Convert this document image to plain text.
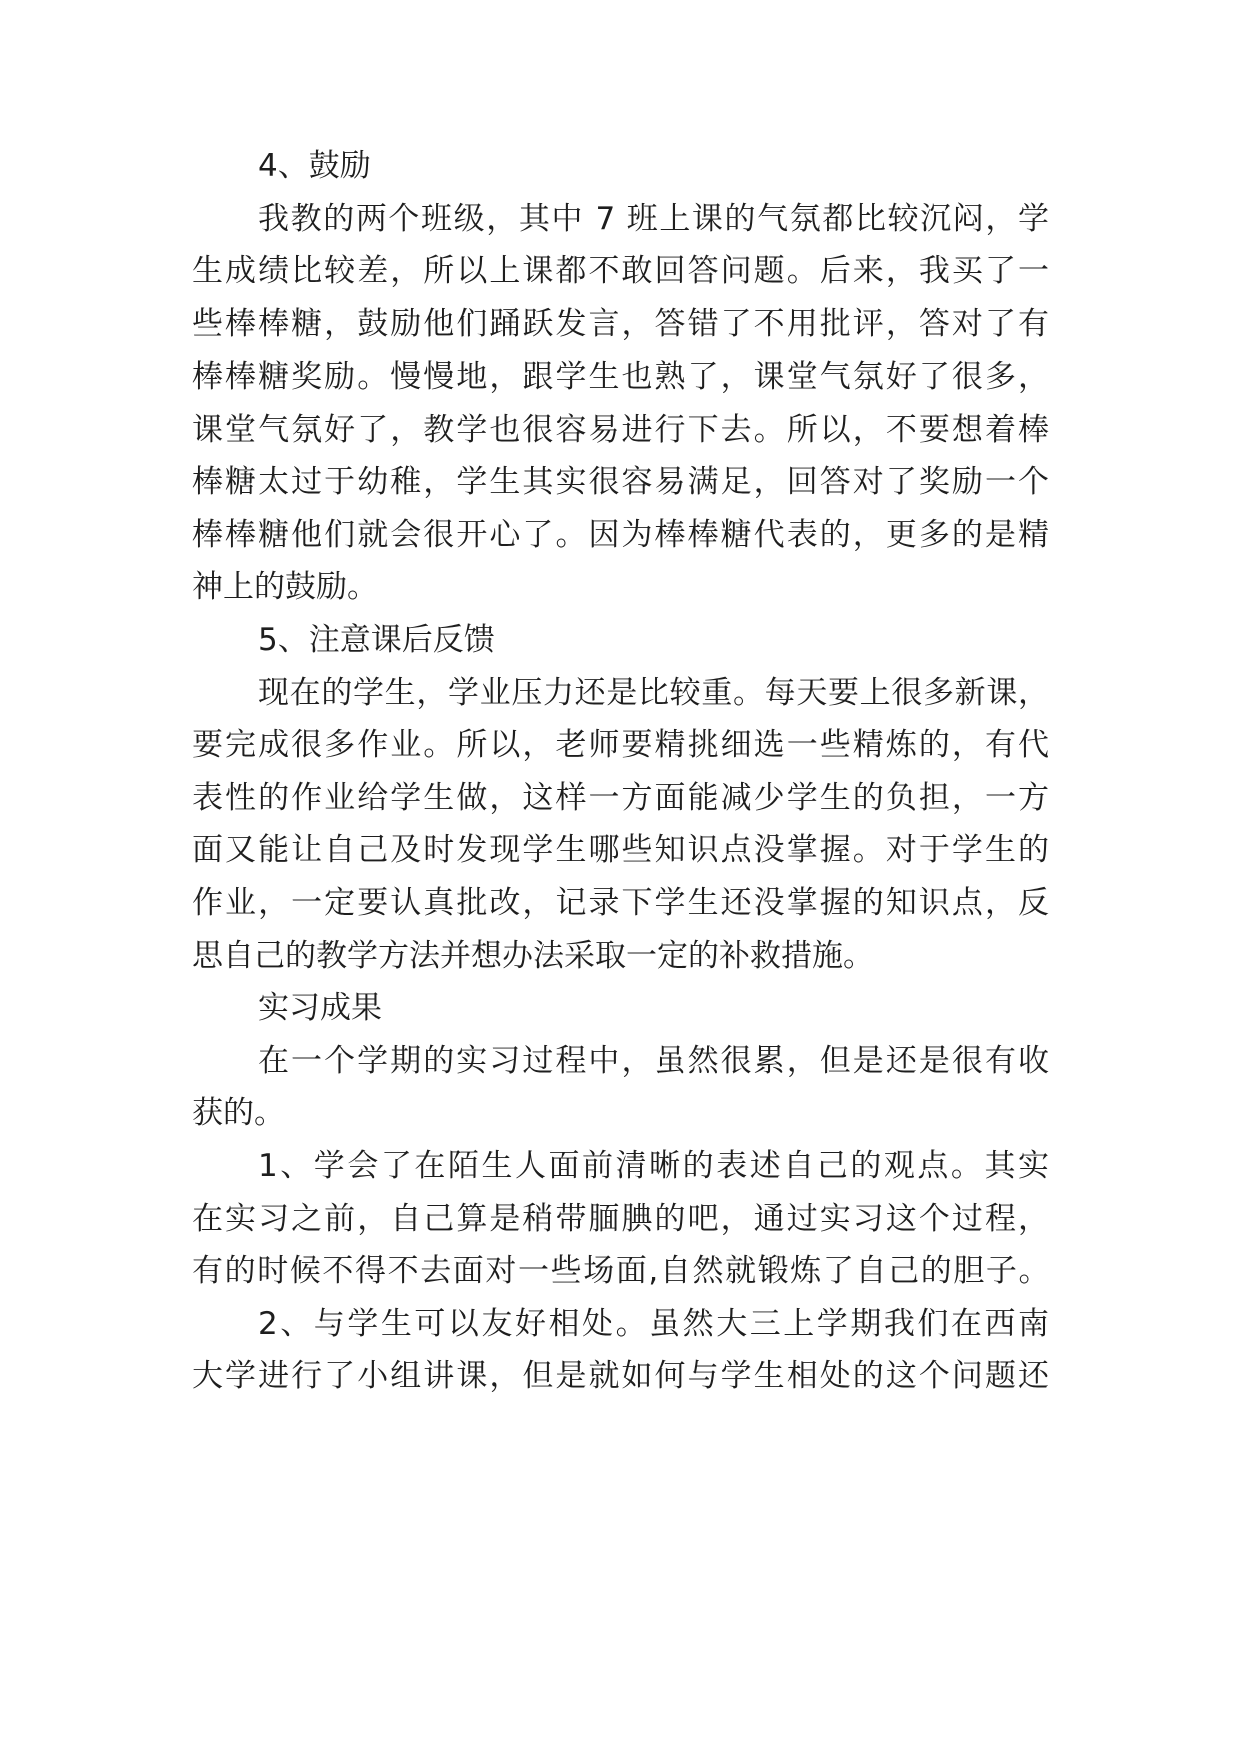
4、鼓励
我教的两个班级，其中 7 班上课的气氛都比较沉闷，学
生成绩比较差，所以上课都不敢回答问题。后来，我买了一
些棒棒糖，鼓励他们踊跃发言，答错了不用批评，答对了有
棒棒糖奖励。慢慢地，跟学生也熟了，课堂气氛好了很多，
课堂气氛好了，教学也很容易进行下去。所以，不要想着棒
棒糖太过于幼稚，学生其实很容易满足，回答对了奖励一个
棒棒糖他们就会很开心了。因为棒棒糖代表的，更多的是精
神上的鼓励。
5、注意课后反馈
现在的学生，学业压力还是比较重。每天要上很多新课，
要完成很多作业。所以，老师要精挑细选一些精炼的，有代
表性的作业给学生做，这样一方面能减少学生的负担，一方
面又能让自己及时发现学生哪些知识点没掌握。对于学生的
作业，一定要认真批改，记录下学生还没掌握的知识点，反
思自己的教学方法并想办法采取一定的补救措施。
实习成果
在一个学期的实习过程中，虽然很累，但是还是很有收
获的。
1、学会了在陌生人面前清晰的表述自己的观点。其实
在实习之前，自己算是稍带腼腆的吧，通过实习这个过程，
有的时候不得不去面对一些场面,自然就锻炼了自己的胆子。
2、与学生可以友好相处。虽然大三上学期我们在西南
大学进行了小组讲课，但是就如何与学生相处的这个问题还
